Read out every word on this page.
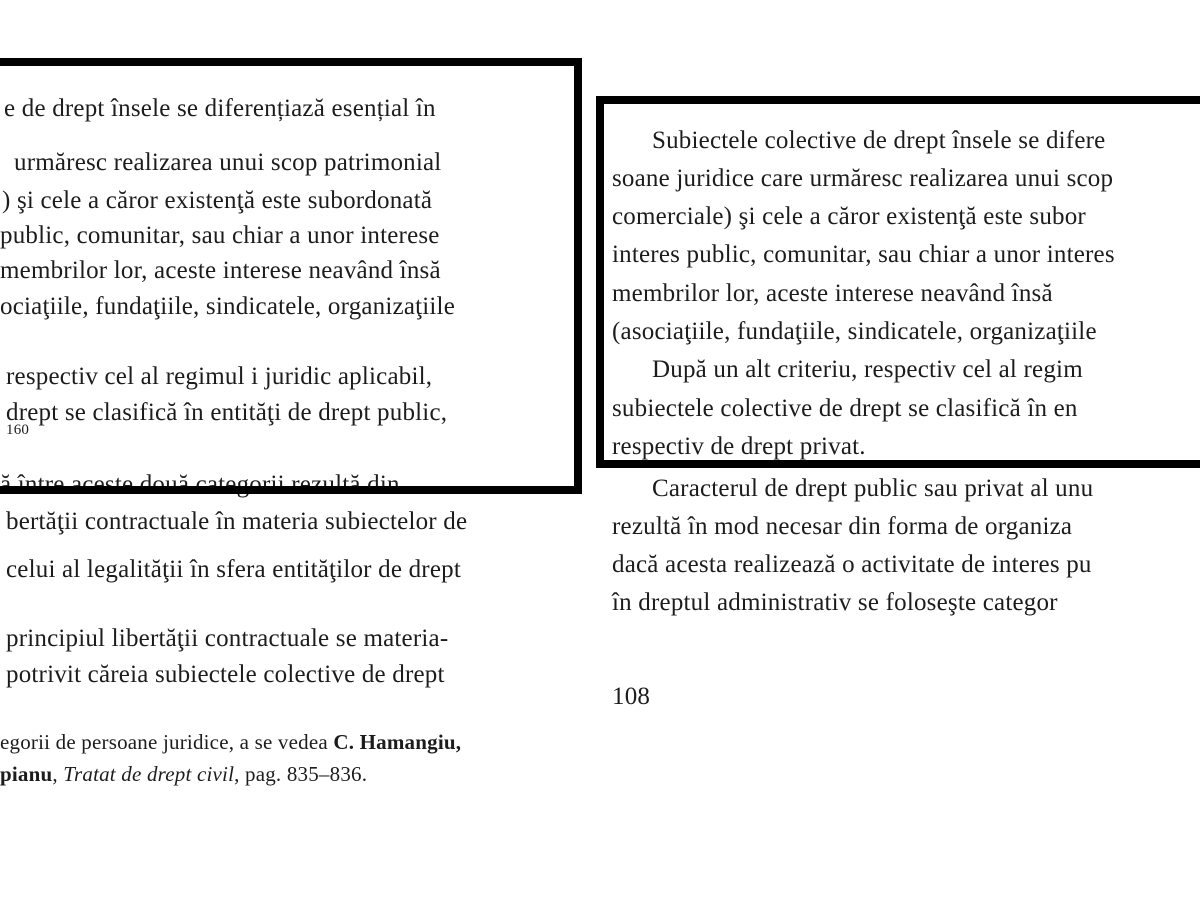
e de drept însele se diferențiază esențial în

urmăresc realizarea unui scop patrimonial

) şi cele a căror existenţă este subordonată

public, comunitar, sau chiar a unor interese

membrilor lor, aceste interese neavând însă

ociaţiile, fundaţiile, sindicatele, organizaţiile

respectiv cel al regimul i juridic aplicabil,

drept se clasifică în entităţi de drept public,

160

ă între aceste două categorii rezultă din

bertăţii contractuale în materia subiectelor de

celui al legalităţii în sfera entităţilor de drept

principiul libertăţii contractuale se materia-

potrivit căreia subiectele colective de drept

egorii de persoane juridice, a se vedea C. Hamangiu,
pianu, Tratat de drept civil, pag. 835–836.

Subiectele colective de drept însele se difere

soane juridice care urmăresc realizarea unui scop

comerciale) şi cele a căror existenţă este subor

interes public, comunitar, sau chiar a unor interes

membrilor lor, aceste interese neavând însă

(asociaţiile, fundaţiile, sindicatele, organizaţiile

După un alt criteriu, respectiv cel al regim

subiectele colective de drept se clasifică în en

respectiv de drept privat.

Caracterul de drept public sau privat al unu

rezultă în mod necesar din forma de organiza

dacă acesta realizează o activitate de interes pu

în dreptul administrativ se foloseşte categor

108
